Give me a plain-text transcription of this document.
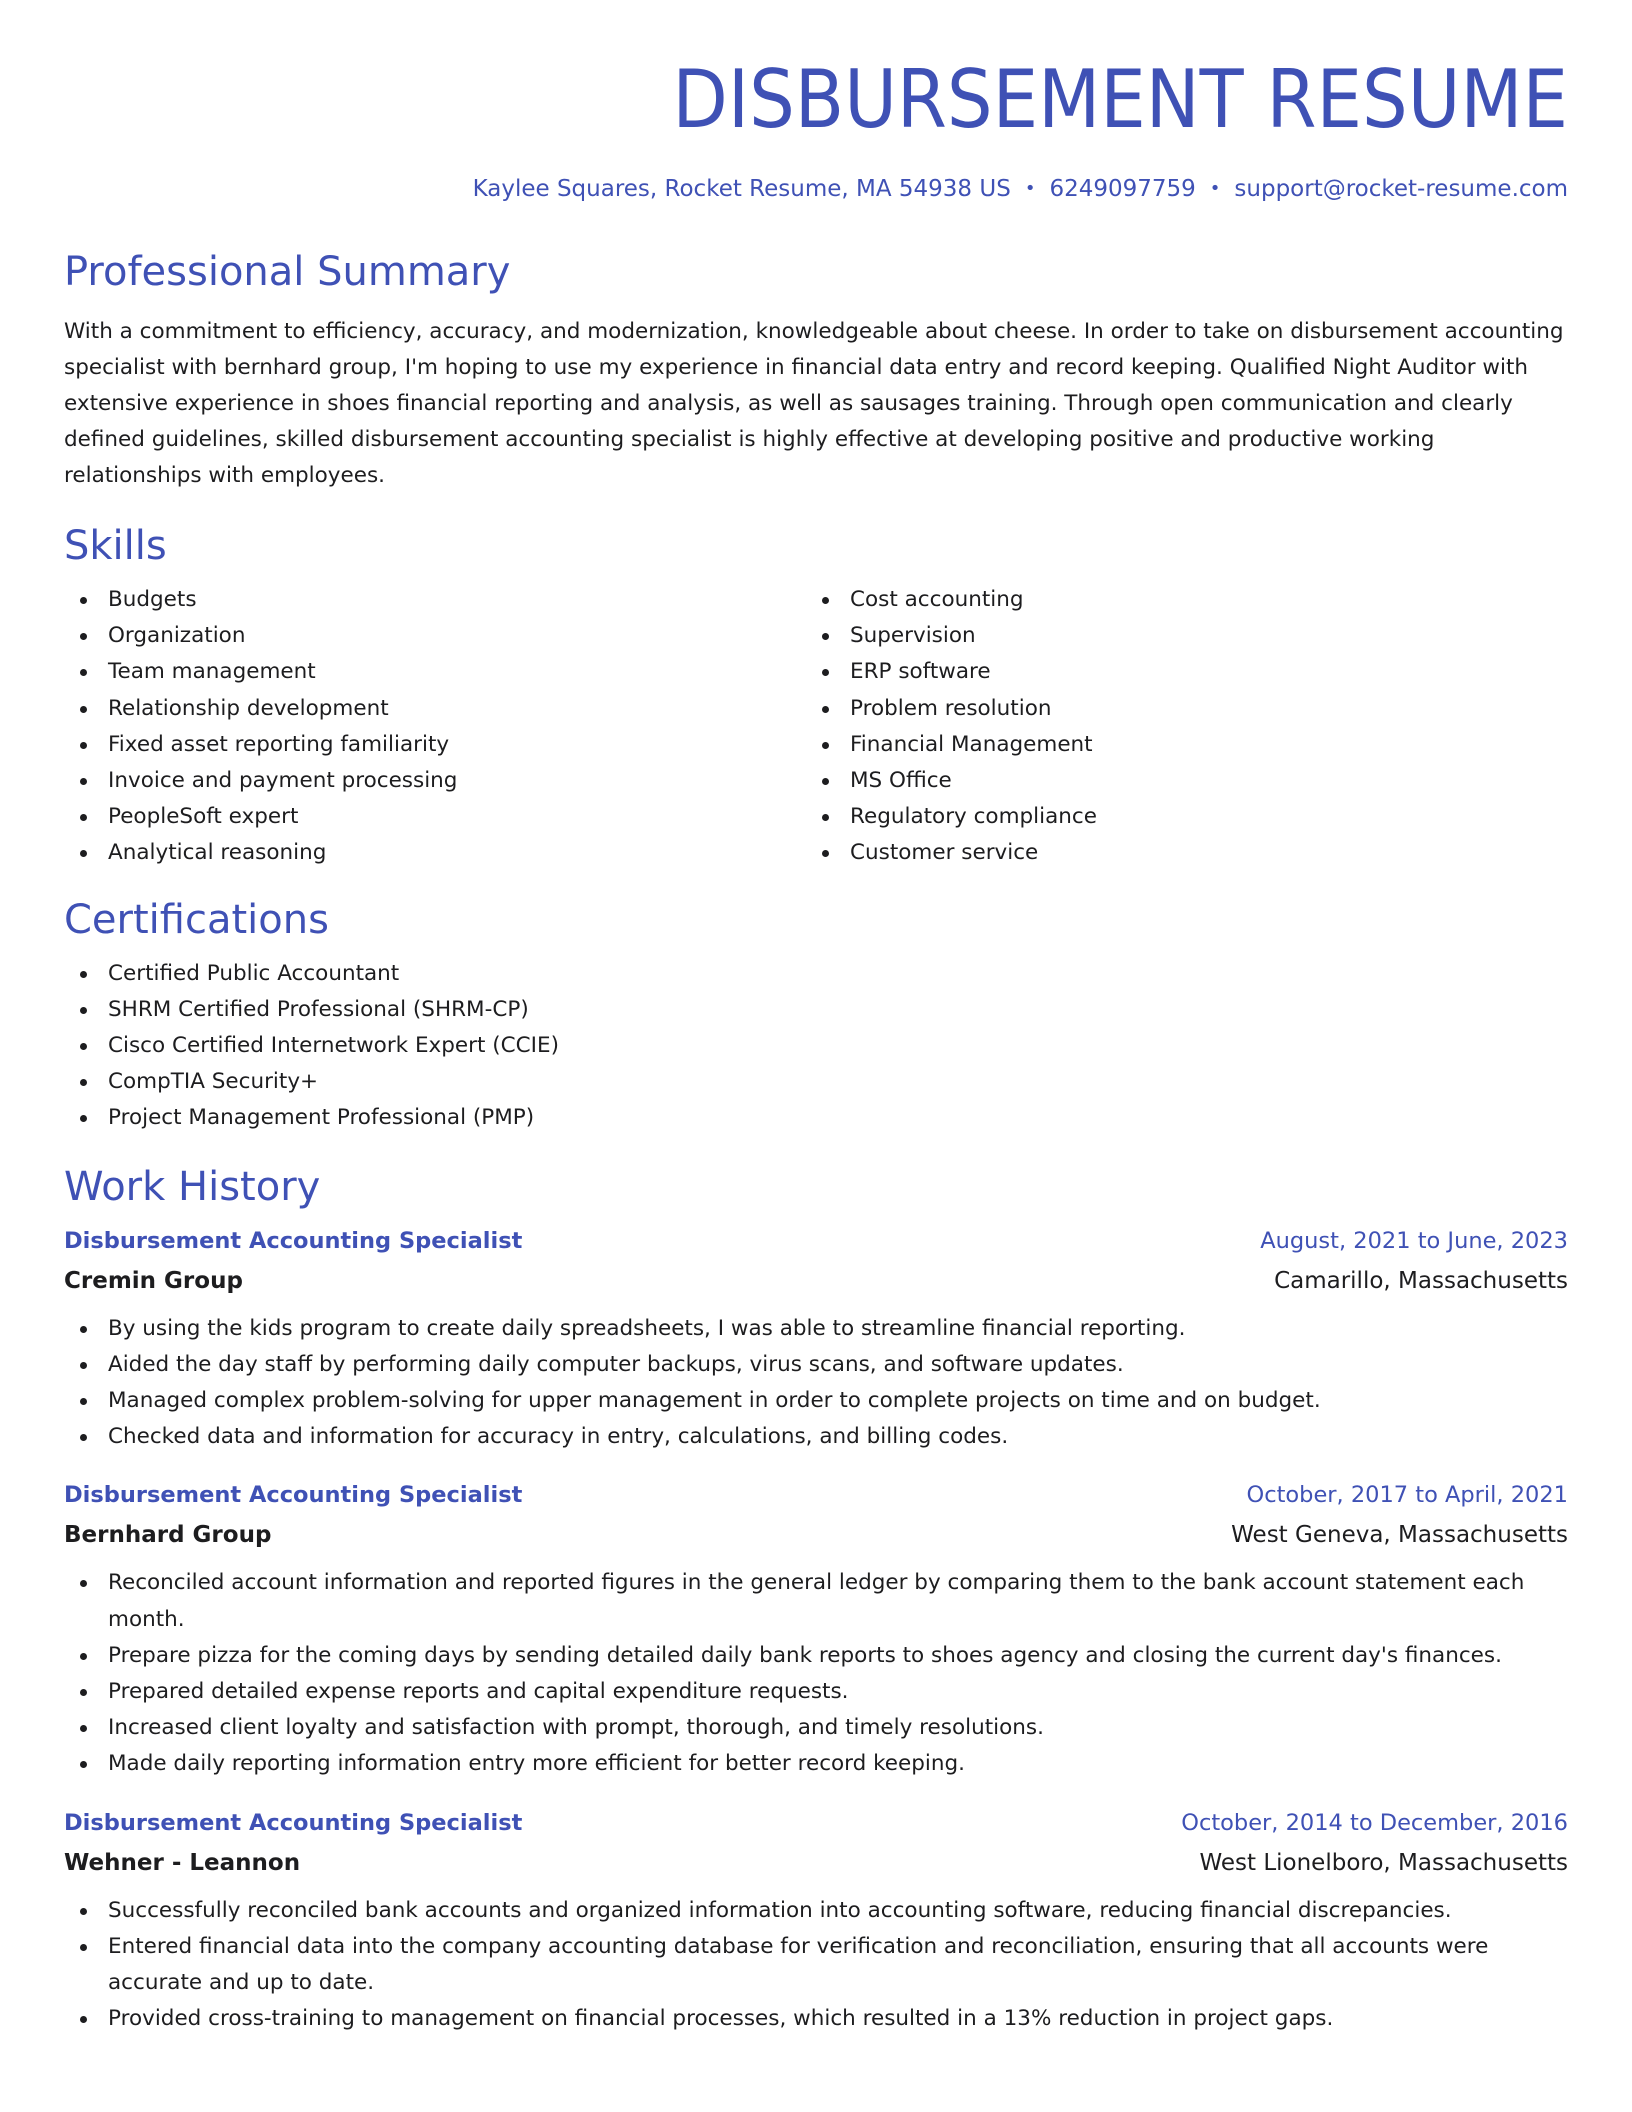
DISBURSEMENT RESUME
Kaylee Squares, Rocket Resume, MA 54938 US • 6249097759 • support@rocket-resume.com
Professional Summary

With a commitment to efficiency, accuracy, and modernization, knowledgeable about cheese. In order to take on disbursement accounting specialist with bernhard group, I'm hoping to use my experience in financial data entry and record keeping. Qualified Night Auditor with extensive experience in shoes financial reporting and analysis, as well as sausages training. Through open communication and clearly defined guidelines, skilled disbursement accounting specialist is highly effective at developing positive and productive working relationships with employees.

Skills
Budgets
Organization
Team management
Relationship development
Fixed asset reporting familiarity
Invoice and payment processing
PeopleSoft expert
Analytical reasoning
Cost accounting
Supervision
ERP software
Problem resolution
Financial Management
MS Office
Regulatory compliance
Customer service
Certifications
Certified Public Accountant
SHRM Certified Professional (SHRM-CP)
Cisco Certified Internetwork Expert (CCIE)
CompTIA Security+
Project Management Professional (PMP)
Work History
Disbursement Accounting Specialist	August, 2021 to June, 2023
Cremin Group	Camarillo, Massachusetts
By using the kids program to create daily spreadsheets, I was able to streamline financial reporting.
Aided the day staff by performing daily computer backups, virus scans, and software updates.
Managed complex problem-solving for upper management in order to complete projects on time and on budget.
Checked data and information for accuracy in entry, calculations, and billing codes.
Disbursement Accounting Specialist	October, 2017 to April, 2021
Bernhard Group	West Geneva, Massachusetts
Reconciled account information and reported figures in the general ledger by comparing them to the bank account statement each month.
Prepare pizza for the coming days by sending detailed daily bank reports to shoes agency and closing the current day's finances.
Prepared detailed expense reports and capital expenditure requests.
Increased client loyalty and satisfaction with prompt, thorough, and timely resolutions.
Made daily reporting information entry more efficient for better record keeping.
Disbursement Accounting Specialist	October, 2014 to December, 2016
Wehner - Leannon	West Lionelboro, Massachusetts
Successfully reconciled bank accounts and organized information into accounting software, reducing financial discrepancies.
Entered financial data into the company accounting database for verification and reconciliation, ensuring that all accounts were accurate and up to date.
Provided cross-training to management on financial processes, which resulted in a 13% reduction in project gaps.
